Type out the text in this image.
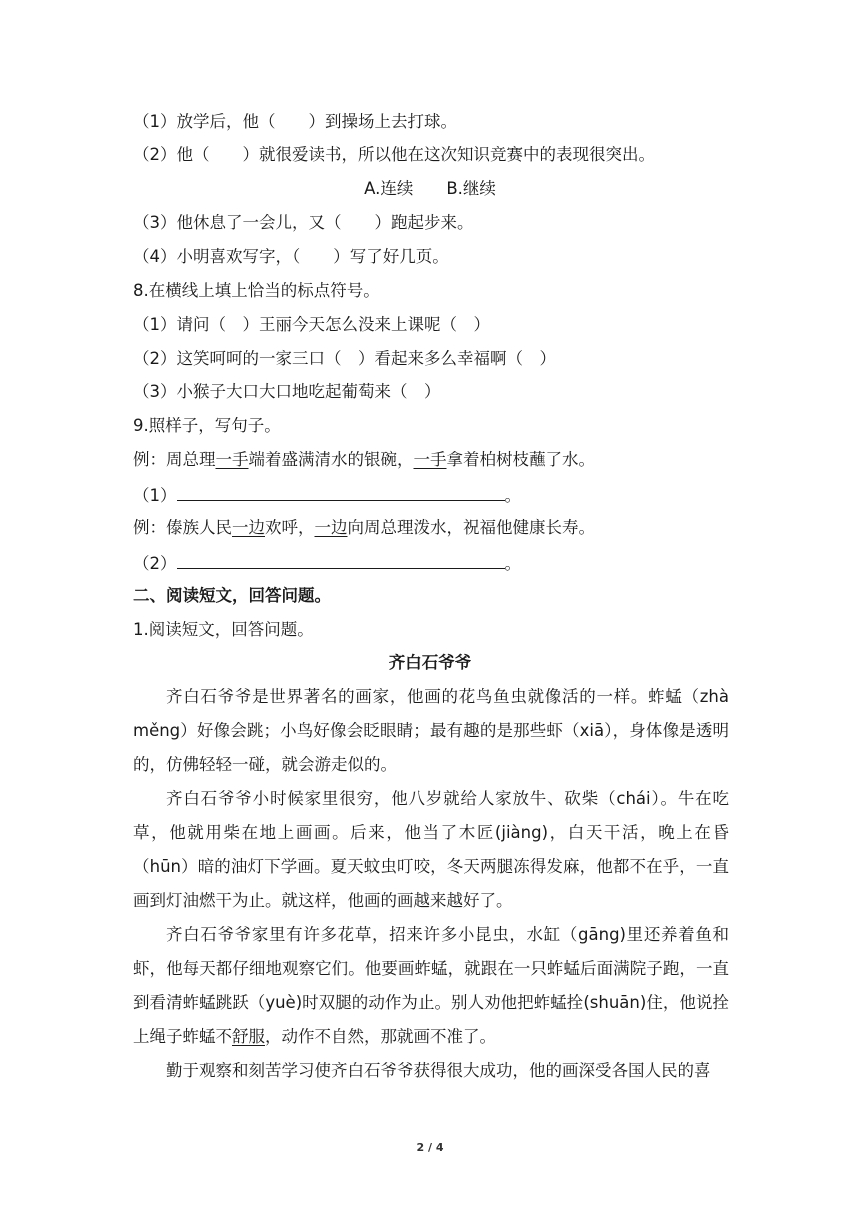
（1）放学后，他（　　）到操场上去打球。
（2）他（　　）就很爱读书，所以他在这次知识竞赛中的表现很突出。
A.连续　　B.继续
（3）他休息了一会儿，又（　　）跑起步来。
（4）小明喜欢写字，（　　）写了好几页。
8.在横线上填上恰当的标点符号。
（1）请问（　）王丽今天怎么没来上课呢（　）
（2）这笑呵呵的一家三口（　）看起来多么幸福啊（　）
（3）小猴子大口大口地吃起葡萄来（　）
9.照样子，写句子。
例：周总理一手端着盛满清水的银碗，一手拿着柏树枝蘸了水。
（1）	。
例：傣族人民一边欢呼，一边向周总理泼水，祝福他健康长寿。
（2）	。
二、阅读短文，回答问题。
1.阅读短文，回答问题。
齐白石爷爷
齐白石爷爷是世界著名的画家，他画的花鸟鱼虫就像活的一样。蚱蜢（zhà měng）好像会跳；小鸟好像会眨眼睛；最有趣的是那些虾（xiā），身体像是透明的，仿佛轻轻一碰，就会游走似的。
齐白石爷爷小时候家里很穷，他八岁就给人家放牛、砍柴（chái）。牛在吃草，他就用柴在地上画画。后来，他当了木匠(jiàng)，白天干活，晚上在昏（hūn）暗的油灯下学画。夏天蚊虫叮咬，冬天两腿冻得发麻，他都不在乎，一直画到灯油燃干为止。就这样，他画的画越来越好了。
齐白石爷爷家里有许多花草，招来许多小昆虫，水缸（gāng)里还养着鱼和虾，他每天都仔细地观察它们。他要画蚱蜢，就跟在一只蚱蜢后面满院子跑，一直到看清蚱蜢跳跃（yuè)时双腿的动作为止。别人劝他把蚱蜢拴(shuān)住，他说拴上绳子蚱蜢不舒服，动作不自然，那就画不准了。
勤于观察和刻苦学习使齐白石爷爷获得很大成功，他的画深受各国人民的喜
2 / 4
